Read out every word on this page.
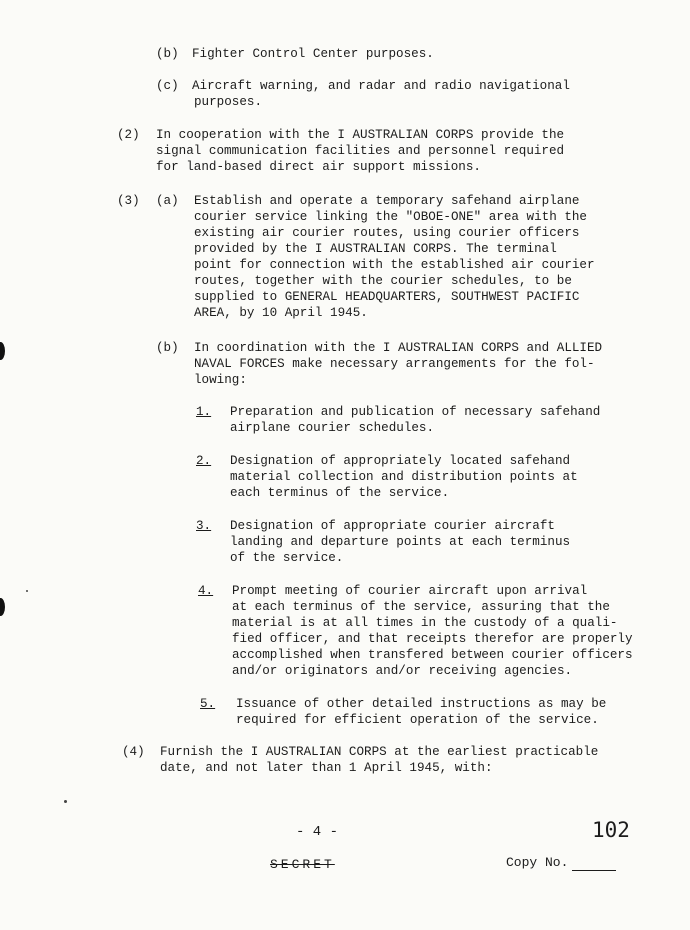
(b) Fighter Control Center purposes.
(c) Aircraft warning, and radar and radio navigational
purposes.
(2) In cooperation with the I AUSTRALIAN CORPS provide the
signal communication facilities and personnel required
for land-based direct air support missions.
(3) (a) Establish and operate a temporary safehand airplane
courier service linking the "OBOE-ONE" area with the
existing air courier routes, using courier officers
provided by the I AUSTRALIAN CORPS. The terminal
point for connection with the established air courier
routes, together with the courier schedules, to be
supplied to GENERAL HEADQUARTERS, SOUTHWEST PACIFIC
AREA, by 10 April 1945.
(b) In coordination with the I AUSTRALIAN CORPS and ALLIED
NAVAL FORCES make necessary arrangements for the fol-
lowing:
1. Preparation and publication of necessary safehand
airplane courier schedules.
2. Designation of appropriately located safehand
material collection and distribution points at
each terminus of the service.
3. Designation of appropriate courier aircraft
landing and departure points at each terminus
of the service.
4. Prompt meeting of courier aircraft upon arrival
at each terminus of the service, assuring that the
material is at all times in the custody of a quali-
fied officer, and that receipts therefor are properly
accomplished when transfered between courier officers
and/or originators and/or receiving agencies.
5. Issuance of other detailed instructions as may be
required for efficient operation of the service.
(4) Furnish the I AUSTRALIAN CORPS at the earliest practicable
date, and not later than 1 April 1945, with:
- 4 -	102
SECRET	Copy No.
